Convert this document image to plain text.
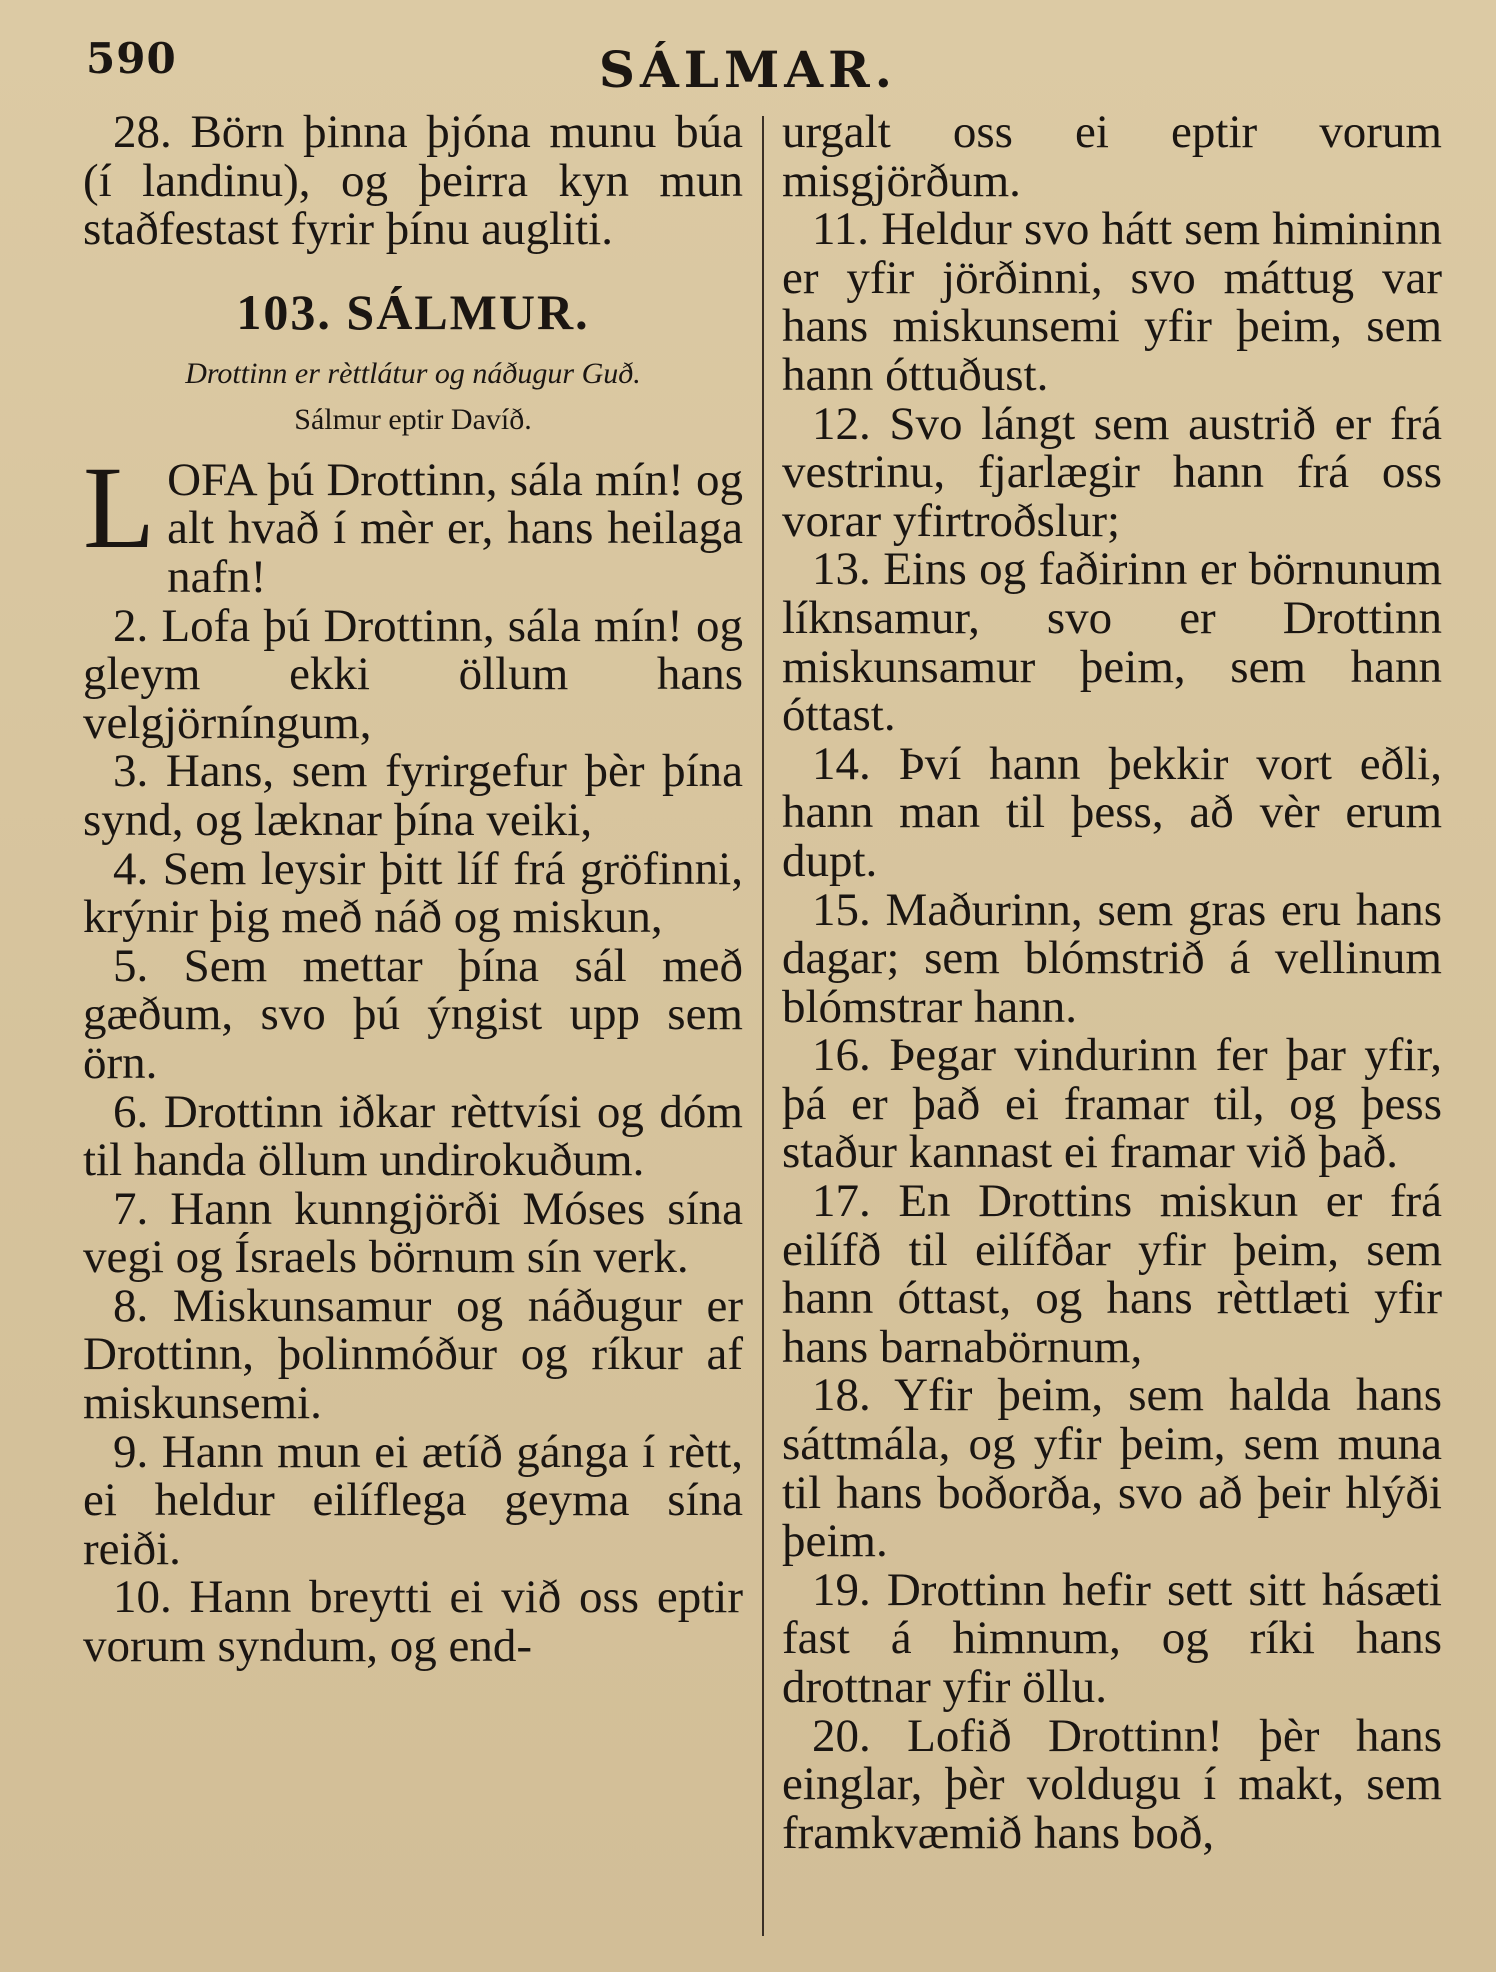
590	SÁLMAR.

28. Börn þinna þjóna munu búa (í landinu), og þeirra kyn mun staðfestast fyrir þínu augliti.

103. SÁLMUR.

Drottinn er rèttlátur og náðugur Guð.

Sálmur eptir Davíð.

LOFA þú Drottinn, sála mín! og alt hvað í mèr er, hans heilaga nafn!

2. Lofa þú Drottinn, sála mín! og gleym ekki öllum hans velgjörníngum,

3. Hans, sem fyrirgefur þèr þína synd, og læknar þína veiki,

4. Sem leysir þitt líf frá gröfinni, krýnir þig með náð og miskun,

5. Sem mettar þína sál með gæðum, svo þú ýngist upp sem örn.

6. Drottinn iðkar rèttvísi og dóm til handa öllum undirokuðum.

7. Hann kunngjörði Móses sína vegi og Ísraels börnum sín verk.

8. Miskunsamur og náðugur er Drottinn, þolinmóður og ríkur af miskunsemi.

9. Hann mun ei ætíð gánga í rètt, ei heldur eilíflega geyma sína reiði.

10. Hann breytti ei við oss eptir vorum syndum, og end-

urgalt oss ei eptir vorum misgjörðum.

11. Heldur svo hátt sem himininn er yfir jörðinni, svo máttug var hans miskunsemi yfir þeim, sem hann óttuðust.

12. Svo lángt sem austrið er frá vestrinu, fjarlægir hann frá oss vorar yfirtroðslur;

13. Eins og faðirinn er börnunum líknsamur, svo er Drottinn miskunsamur þeim, sem hann óttast.

14. Því hann þekkir vort eðli, hann man til þess, að vèr erum dupt.

15. Maðurinn, sem gras eru hans dagar; sem blómstrið á vellinum blómstrar hann.

16. Þegar vindurinn fer þar yfir, þá er það ei framar til, og þess staður kannast ei framar við það.

17. En Drottins miskun er frá eilífð til eilífðar yfir þeim, sem hann óttast, og hans rèttlæti yfir hans barnabörnum,

18. Yfir þeim, sem halda hans sáttmála, og yfir þeim, sem muna til hans boðorða, svo að þeir hlýði þeim.

19. Drottinn hefir sett sitt hásæti fast á himnum, og ríki hans drottnar yfir öllu.

20. Lofið Drottinn! þèr hans einglar, þèr voldugu í makt, sem framkvæmið hans boð,
